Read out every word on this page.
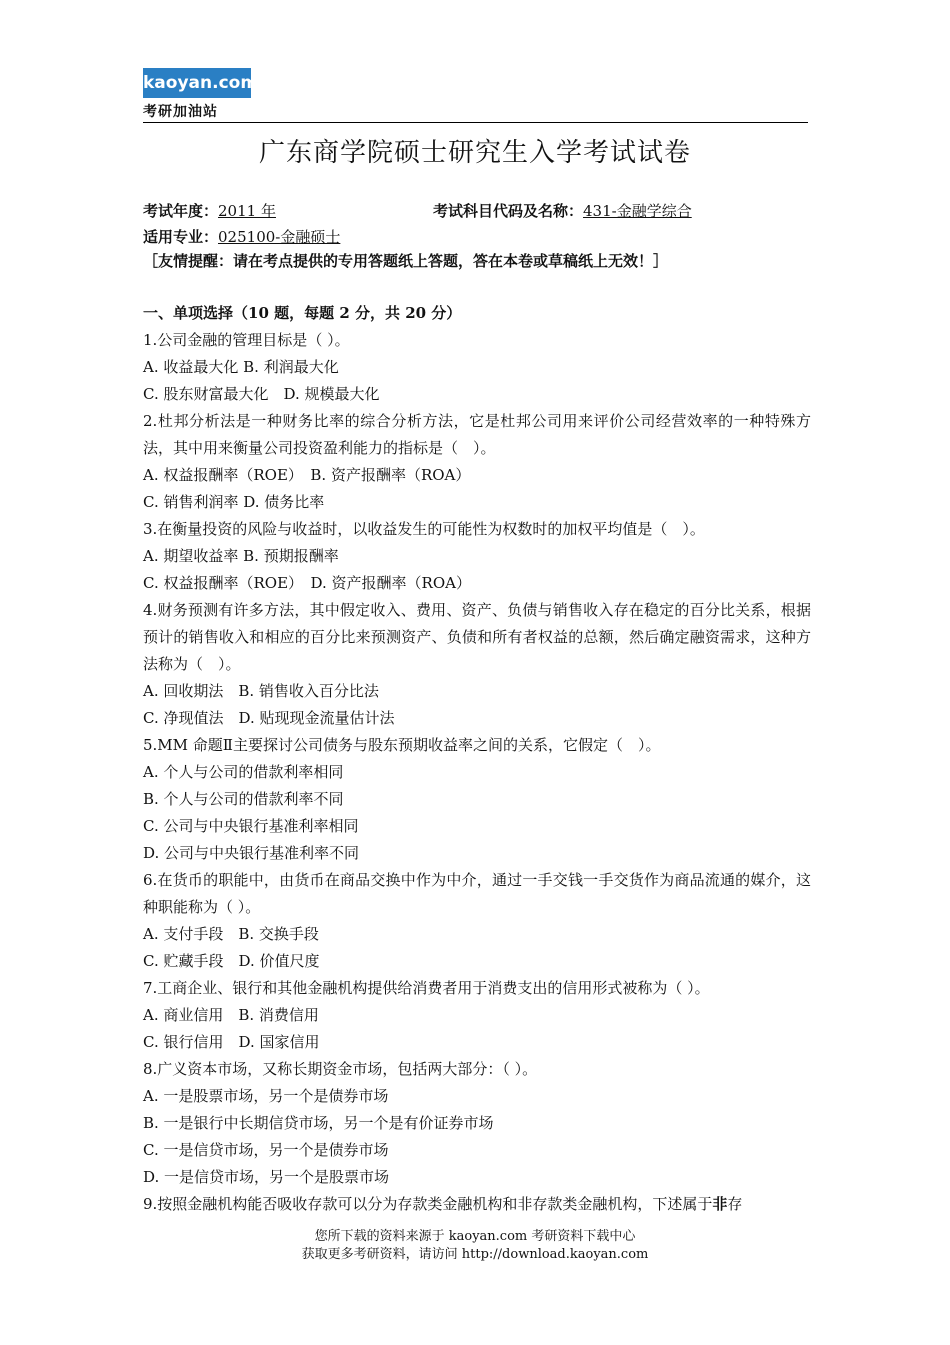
kaoyan.com
考研加油站
广东商学院硕士研究生入学考试试卷
考试年度：2011 年	考试科目代码及名称：431-金融学综合
适用专业：025100-金融硕士
［友情提醒：请在考点提供的专用答题纸上答题，答在本卷或草稿纸上无效！］
一、单项选择（10 题，每题 2 分，共 20 分）
1.公司金融的管理目标是（ ）。
A. 收益最大化 B. 利润最大化
C. 股东财富最大化　D. 规模最大化
2.杜邦分析法是一种财务比率的综合分析方法，它是杜邦公司用来评价公司经营效率的一种特殊方法，其中用来衡量公司投资盈利能力的指标是（　）。
A. 权益报酬率（ROE）　B. 资产报酬率（ROA）
C. 销售利润率 D. 债务比率
3.在衡量投资的风险与收益时，以收益发生的可能性为权数时的加权平均值是（　）。
A. 期望收益率 B. 预期报酬率
C. 权益报酬率（ROE）　D. 资产报酬率（ROA）
4.财务预测有许多方法，其中假定收入、费用、资产、负债与销售收入存在稳定的百分比关系，根据预计的销售收入和相应的百分比来预测资产、负债和所有者权益的总额，然后确定融资需求，这种方法称为（　）。
A. 回收期法　B. 销售收入百分比法
C. 净现值法　D. 贴现现金流量估计法
5.MM 命题Ⅱ主要探讨公司债务与股东预期收益率之间的关系，它假定（　）。
A. 个人与公司的借款利率相同
B. 个人与公司的借款利率不同
C. 公司与中央银行基准利率相同
D. 公司与中央银行基准利率不同
6.在货币的职能中，由货币在商品交换中作为中介，通过一手交钱一手交货作为商品流通的媒介，这种职能称为（ ）。
A. 支付手段　B. 交换手段
C. 贮藏手段　D. 价值尺度
7.工商企业、银行和其他金融机构提供给消费者用于消费支出的信用形式被称为（ ）。
A. 商业信用　B. 消费信用
C. 银行信用　D. 国家信用
8.广义资本市场，又称长期资金市场，包括两大部分：（ ）。
A. 一是股票市场，另一个是债券市场
B. 一是银行中长期信贷市场，另一个是有价证券市场
C. 一是信贷市场，另一个是债券市场
D. 一是信贷市场，另一个是股票市场
9.按照金融机构能否吸收存款可以分为存款类金融机构和非存款类金融机构，下述属于非存
您所下载的资料来源于 kaoyan.com 考研资料下载中心
获取更多考研资料，请访问 http://download.kaoyan.com
